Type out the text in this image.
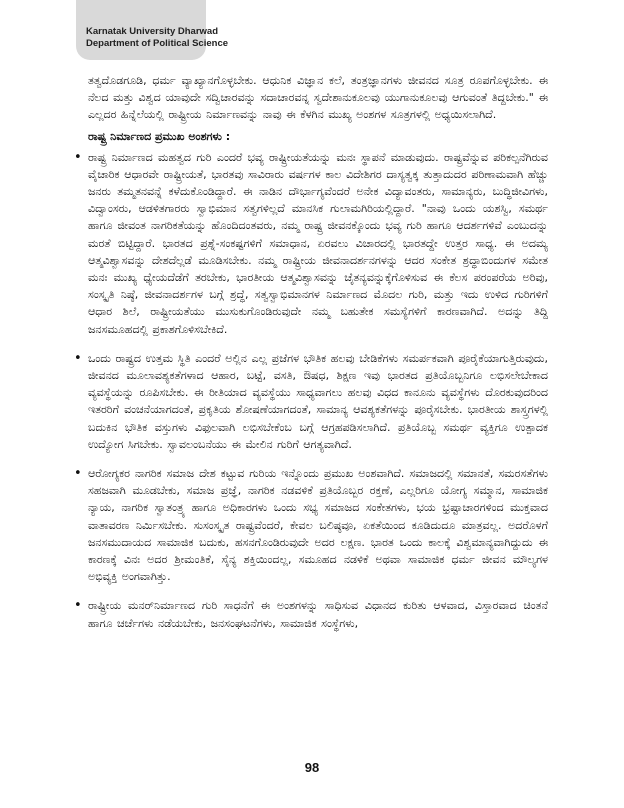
Karnatak University Dharwad
Department of Political Science

ತತ್ವದೊಡಗೂಡಿ, ಧರ್ಮ ವ್ಯಾಖ್ಯಾನಗೊಳ್ಳಬೇಕು. ಆಧುನಿಕ ವಿಜ್ಞಾನ ಕಲೆ, ತಂತ್ರಜ್ಞಾನಗಳು ಜೀವನದ ಸೂತ್ರ ರೂಪಗೊಳ್ಳಬೇಕು. ಈ ನೆಲದ ಮತ್ತು ವಿಶ್ವದ ಯಾವುದೇ ಸದ್ವಿಚಾರವನ್ನು ಸದಾಚಾರವನ್ನ ಸ್ವದೇಶಾನುಕೂಲವು ಯುಗಾನುಕೂಲವು ಆಗುವಂತೆ ತಿದ್ದಬೇಕು." ಈ ಎಲ್ಲದರ ಹಿನ್ನೆಲೆಯಲ್ಲಿ ರಾಷ್ಟ್ರೀಯ ನಿರ್ಮಾಣವನ್ನು ನಾವು ಈ ಕೆಳಗಿನ ಮುಖ್ಯ ಅಂಶಗಳ ಸೂತ್ರಗಳಲ್ಲಿ ಅಧ್ಯಯಿಸಲಾಗಿದೆ.

ರಾಷ್ಟ್ರ ನಿರ್ಮಾಣದ ಪ್ರಮುಖ ಅಂಶಗಳು :

• ರಾಷ್ಟ್ರ ನಿರ್ಮಾಣದ ಮಹತ್ವದ ಗುರಿ ಎಂದರೆ ಭವ್ಯ ರಾಷ್ಟ್ರೀಯತೆಯನ್ನು ಮನಃ ಸ್ಥಾಪನೆ ಮಾಡುವುದು. ರಾಷ್ಟ್ರವೆನ್ನುವ ಪರಿಕಲ್ಪನೆಗಿರುವ ವೈಚಾರಿಕ ಆಧಾರವೇ ರಾಷ್ಟ್ರೀಯತೆ, ಭಾರತವು ಸಾವಿರಾರು ವರ್ಷಗಳ ಕಾಲ ವಿದೇಶಿಗರ ದಾಸ್ಯತ್ವಕ್ಕ ತುತ್ತಾದುದರ ಪರಿಣಾಮವಾಗಿ ಹೆಚ್ಚು ಜನರು ತಮ್ಮತನವನ್ನೆ ಕಳೆದುಕೊಂಡಿದ್ದಾರೆ. ಈ ನಾಡಿನ ದೌರ್ಭಾಗ್ಯವೆಂದರೆ ಅನೇಕ ವಿದ್ಯಾವಂತರು, ಸಾಮಾನ್ಯರು, ಬುದ್ಧಿಜೀವಿಗಳು, ವಿದ್ವಾಂಸರು, ಆಡಳಿತಗಾರರು ಸ್ವಾಭಿಮಾನ ಸತ್ವಗಳಿಲ್ಲದೆ ಮಾನಸಿಕ ಗುಲಾಮಗಿರಿಯಲ್ಲಿದ್ದಾರೆ. "ನಾವು ಒಂದು ಯಶಸ್ವಿ, ಸಮರ್ಥ ಹಾಗೂ ಜೀವಂತ ನಾಗರಿಕತೆಯನ್ನು ಹೊಂದಿದಂತವರು, ನಮ್ಮ ರಾಷ್ಟ್ರ ಜೀವನಕ್ಕೊಂದು ಭವ್ಯ ಗುರಿ ಹಾಗೂ ಆದರ್ಶಗಳಿವೆ ಎಂಬುದನ್ನು ಮರತೆ ಬಿಟ್ಟಿದ್ದಾರೆ. ಭಾರತದ ಪ್ರಶ್ನೆ-ಸಂಕಷ್ಟಗಳಿಗೆ ಸಮಾಧಾನ, ಏರವಲು ವಿಚಾರದಲ್ಲಿ ಭಾರತದ್ದೇ ಉತ್ತರ ಸಾಧ್ಯ. ಈ ಅದಮ್ಯ ಆತ್ಮವಿಶ್ವಾಸವನ್ನು ದೇಶದೆಲ್ಲಡೆ ಮೂಡಿಸಬೇಕು. ನಮ್ಮ ರಾಷ್ಟ್ರೀಯ ಜೀವನಾದರ್ಶನಗಳನ್ನು ಆದರ ಸಂಕೇತ ಶ್ರದ್ಧಾಬಿಂದುಗಳ ಸಮೇತ ಮನಃ ಮುಖ್ಯ ಧ್ಯೇಯದೆಡೆಗೆ ತರಬೇಕು, ಭಾರತೀಯ ಆತ್ಮವಿಶ್ವಾಸವನ್ನು ಚೈತನ್ಯವನ್ನುಕ್ಕೆಗೊಳಿಸುವ ಈ ಕೆಲಸ ಪರಂಪರೆಯ ಅರಿವು, ಸಂಸ್ಕೃತಿ ನಿಷ್ಠೆ, ಜೀವನಾದರ್ಶಗಳ ಬಗ್ಗೆ ಶ್ರದ್ಧೆ, ಸತ್ವಸ್ವಾಭಿಮಾನಗಳ ನಿರ್ಮಾಣದ ಮೊದಲ ಗುರಿ, ಮತ್ತು ಇದು ಉಳಿದ ಗುರಿಗಳಿಗೆ ಆಧಾರ ಶಿಲೆ, ರಾಷ್ಟ್ರೀಯತೆಯು ಮುಸುಕುಗೊಂಡಿರುವುದೇ ನಮ್ಮ ಬಹುತೇಕ ಸಮಸ್ಯೆಗಳಿಗೆ ಕಾರಣವಾಗಿದೆ. ಅದನ್ನು ತಿದ್ದಿ ಜನಸಮೂಹದಲ್ಲಿ ಪ್ರಕಾಶಗೊಳಿಸಬೇಕಿದೆ.
• ಒಂದು ರಾಷ್ಟ್ರದ ಉತ್ತಮ ಸ್ಥಿತಿ ಎಂದರೆ ಅಲ್ಲಿನ ಎಲ್ಲ ಪ್ರಜೆಗಳ ಭೌತಿಕ ಹಲವು ಬೇಡಿಕೆಗಳು ಸಮರ್ಪಕವಾಗಿ ಪೂರೈಕೆಯಾಗುತ್ತಿರುವುದು, ಜೀವನದ ಮೂಲಾವಶ್ಯಕತೆಗಳಾದ ಆಹಾರ, ಬಟ್ಟೆ, ವಸತಿ, ಔಷಧ, ಶಿಕ್ಷಣ ಇವು ಭಾರತದ ಪ್ರತಿಯೊಬ್ಬನಿಗೂ ಲಭಿಸಲೇಬೇಕಾದ ವ್ಯವಸ್ಥೆಯನ್ನು ರೂಪಿಸಬೇಕು. ಈ ರೀತಿಯಾದ ವ್ಯವಸ್ಥೆಯು ಸಾಧ್ಯವಾಗಲು ಹಲವು ವಿಧದ ಕಾನೂನು ವ್ಯವಸ್ಥೆಗಳು ದೊರಕುವುದರಿಂದ ಇತರರಿಗೆ ವಂಚನೆಯಾಗದಂತೆ, ಪ್ರಕೃತಿಯ ಶೋಷಣೆಯಾಗದಂತೆ, ಸಾಮಾನ್ಯ ಆವಶ್ಯಕತೆಗಳನ್ನು ಪೂರೈಸಬೇಕು. ಭಾರತೀಯ ಶಾಸ್ತ್ರಗಳಲ್ಲಿ ಬದುಕಿನ ಭೌತಿಕ ವಸ್ತುಗಳು ವಿಫುಲವಾಗಿ ಲಭಿಸಬೇಕೆಂಬ ಬಗ್ಗೆ ಆಗ್ರಹಪಡಿಸಲಾಗಿದೆ. ಪ್ರತಿಯೊಬ್ಬ ಸಮರ್ಥ ವ್ಯಕ್ತಿಗೂ ಉತ್ಪಾದಕ ಉದ್ಯೋಗ ಸಿಗಬೇಕು. ಸ್ವಾವಲಂಬನೆಯು ಈ ಮೇಲಿನ ಗುರಿಗೆ ಆಗತ್ಯವಾಗಿದೆ.
• ಆರೋಗ್ಯಕರ ನಾಗರಿಕ ಸಮಾಜ ದೇಶ ಕಟ್ಟುವ ಗುರಿಯ ಇನ್ನೊಂದು ಪ್ರಮುಖ ಅಂಶವಾಗಿದೆ. ಸಮಾಜದಲ್ಲಿ ಸಮಾನತೆ, ಸಮರಸತೆಗಳು ಸಹಜವಾಗಿ ಮೂಡಬೇಕು, ಸಮಾಜ ಪ್ರಜ್ಞೆ, ನಾಗರಿಕ ನಡವಳಿಕೆ ಪ್ರತಿಯೊಬ್ಬರ ರಕ್ತಣೆ, ಎಲ್ಲರಿಗೂ ಯೋಗ್ಯ ಸಮ್ಮಾನ, ಸಾಮಾಜಿಕ ನ್ಯಾಯ, ನಾಗರಿಕ ಸ್ವಾತಂತ್ರ್ಯ ಹಾಗೂ ಅಧಿಕಾರಗಳು ಒಂದು ಸಭ್ಯ ಸಮಾಜದ ಸಂಕೇತಗಳು, ಭಯ ಭ್ರಷ್ಟಾಚಾರಗಳಿಂದ ಮುಕ್ತವಾದ ವಾತಾವರಣ ನಿರ್ಮಿಸಬೇಕು. ಸುಸಂಸ್ಕೃತ ರಾಷ್ಟ್ರವೆಂದರೆ, ಕೇವಲ ಬಲಿಷ್ಠವೂ, ಏಕತೆಯಿಂದ ಕೂಡಿದುದೂ ಮಾತ್ರವಲ್ಲ. ಅದರೊಳಗೆ ಜನಸಮುದಾಯದ ಸಾಮಾಜಿಕ ಬದುಕು, ಹಸನಗೊಂಡಿರುವುದೇ ಅದರ ಲಕ್ಷಣ. ಭಾರತ ಒಂದು ಕಾಲಕ್ಕೆ ವಿಶ್ವಮಾನ್ಯವಾಗಿದ್ದುದು ಈ ಕಾರಣಕ್ಕೆ ವಿನಃ ಅದರ ಶ್ರೀಮಂತಿಕೆ, ಸೈನ್ಯ ಶಕ್ತಿಯಿಂದಲ್ಲ, ಸಮೂಹದ ನಡಳಿಕೆ ಅಥವಾ ಸಾಮಾಜಿಕ ಧರ್ಮ ಜೀವನ ಮೌಲ್ಯಗಳ ಅಭಿವ್ಯಕ್ತಿ ಅಂಗವಾಗಿತ್ತು.
• ರಾಷ್ಟ್ರೀಯ ಮನರ್‌ನಿರ್ಮಾಣದ ಗುರಿ ಸಾಧನೆಗೆ ಈ ಅಂಶಗಳನ್ನು ಸಾಧಿಸುವ ವಿಧಾನದ ಕುರಿತು ಆಳವಾದ, ವಿಸ್ತಾರವಾದ ಚಿಂತನೆ ಹಾಗೂ ಚರ್ಚೆಗಳು ನಡೆಯಬೇಕು, ಜನಸಂಘಟನೆಗಳು, ಸಾಮಾಜಿಕ ಸಂಸ್ಥೆಗಳು,
98
